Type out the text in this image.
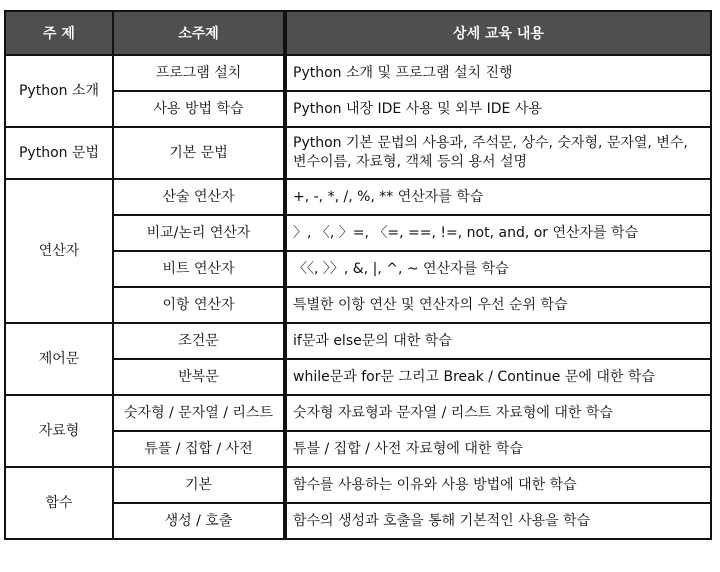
주 제	소주제	상세 교육 내용
Python 소개	프로그램 설치	Python 소개 및 프로그램 설치 진행
	사용 방법 학습	Python 내장 IDE 사용 및 외부 IDE 사용
Python 문법	기본 문법	Python 기본 문법의 사용과, 주석문, 상수, 숫자형, 문자열, 변수, 변수이름, 자료형, 객체 등의 용서 설명
연산자	산술 연산자	+, -, *, /, %, ** 연산자를 학습
	비교/논리 연산자	〉, 〈, 〉=, 〈=, ==, !=, not, and, or 연산자를 학습
	비트 연산자	〈〈, 〉〉, &, |, ^, ~ 연산자를 학습
	이항 연산자	특별한 이항 연산 및 연산자의 우선 순위 학습
제어문	조건문	if문과 else문의 대한 학습
	반복문	while문과 for문 그리고 Break / Continue 문에 대한 학습
자료형	숫자형 / 문자열 / 리스트	숫자형 자료형과 문자열 / 리스트 자료형에 대한 학습
	튜플 / 집합 / 사전	튜블 / 집합 / 사전 자료형에 대한 학습
함수	기본	함수를 사용하는 이유와 사용 방법에 대한 학습
	생성 / 호출	함수의 생성과 호출을 통해 기본적인 사용을 학습
